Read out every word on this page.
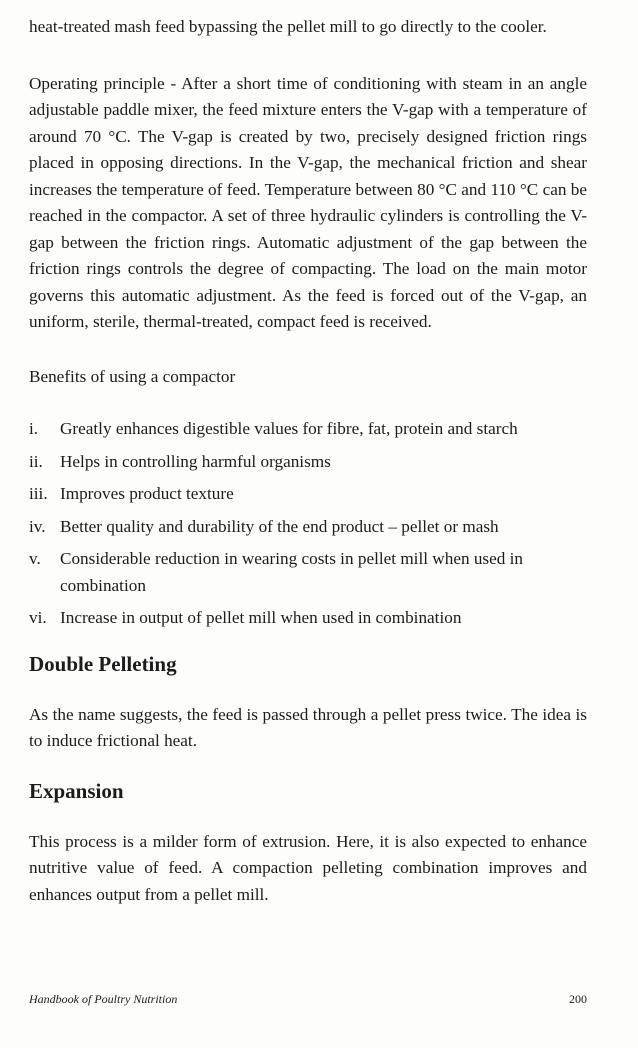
heat-treated mash feed bypassing the pellet mill to go directly to the cooler.

Operating principle - After a short time of conditioning with steam in an angle adjustable paddle mixer, the feed mixture enters the V-gap with a temperature of around 70 °C. The V-gap is created by two, precisely designed friction rings placed in opposing directions. In the V-gap, the mechanical friction and shear increases the temperature of feed. Temperature between 80 °C and 110 °C can be reached in the compactor. A set of three hydraulic cylinders is controlling the V-gap between the friction rings. Automatic adjustment of the gap between the friction rings controls the degree of compacting. The load on the main motor governs this automatic adjustment. As the feed is forced out of the V-gap, an uniform, sterile, thermal-treated, compact feed is received.

Benefits of using a compactor

i.	Greatly enhances digestible values for fibre, fat, protein and starch
ii. Helps in controlling harmful organisms
iii. Improves product texture
iv. Better quality and durability of the end product – pellet or mash
v.	Considerable reduction in wearing costs in pellet mill when used in combination
vi. Increase in output of pellet mill when used in combination
Double Pelleting

As the name suggests, the feed is passed through a pellet press twice. The idea is to induce frictional heat.

Expansion

This process is a milder form of extrusion. Here, it is also expected to enhance nutritive value of feed. A compaction pelleting combination improves and enhances output from a pellet mill.

Handbook of Poultry Nutrition	200
